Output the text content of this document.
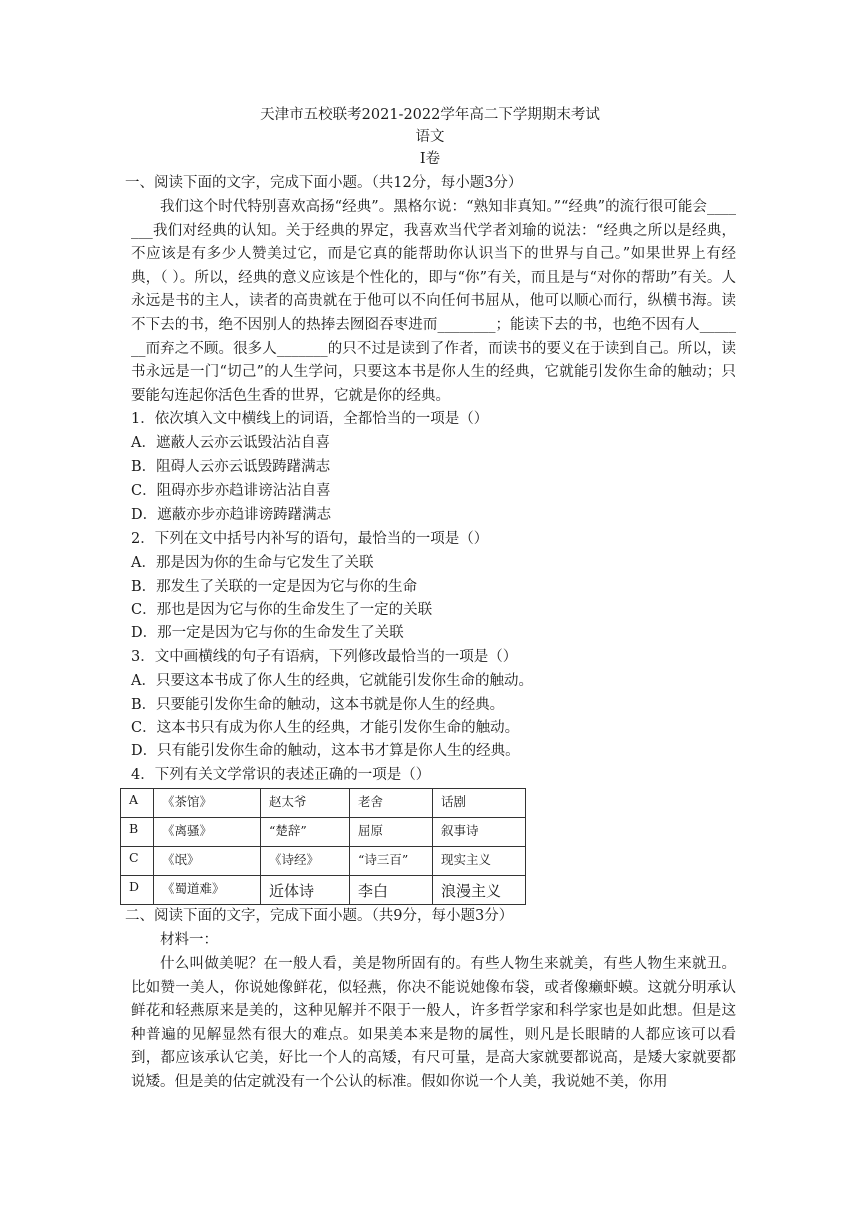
天津市五校联考2021-2022学年高二下学期期末考试
语文
Ⅰ卷
一、阅读下面的文字，完成下面小题。（共12分，每小题3分）
我们这个时代特别喜欢高扬“经典”。黑格尔说：“熟知非真知。”“经典”的流行很可能会_______我们对经典的认知。关于经典的界定，我喜欢当代学者刘瑜的说法：“经典之所以是经典，不应该是有多少人赞美过它，而是它真的能帮助你认识当下的世界与自己。”如果世界上有经典，（ ）。所以，经典的意义应该是个性化的，即与“你”有关，而且是与“对你的帮助”有关。人永远是书的主人，读者的高贵就在于他可以不向任何书屈从，他可以顺心而行，纵横书海。读不下去的书，绝不因别人的热捧去囫囵吞枣进而________；能读下去的书，也绝不因有人_______而弃之不顾。很多人_______的只不过是读到了作者，而读书的要义在于读到自己。所以，读书永远是一门“切己”的人生学问，只要这本书是你人生的经典，它就能引发你生命的触动；只要能勾连起你活色生香的世界，它就是你的经典。
1．依次填入文中横线上的词语，全都恰当的一项是（）
A．遮蔽人云亦云诋毁沾沾自喜
B．阻碍人云亦云诋毁踌躇满志
C．阻碍亦步亦趋诽谤沾沾自喜
D．遮蔽亦步亦趋诽谤踌躇满志
2．下列在文中括号内补写的语句，最恰当的一项是（）
A．那是因为你的生命与它发生了关联
B．那发生了关联的一定是因为它与你的生命
C．那也是因为它与你的生命发生了一定的关联
D．那一定是因为它与你的生命发生了关联
3．文中画横线的句子有语病，下列修改最恰当的一项是（）
A．只要这本书成了你人生的经典，它就能引发你生命的触动。
B．只要能引发你生命的触动，这本书就是你人生的经典。
C．这本书只有成为你人生的经典，才能引发你生命的触动。
D．只有能引发你生命的触动，这本书才算是你人生的经典。
4．下列有关文学常识的表述正确的一项是（）
A	《茶馆》	赵太爷	老舍	话剧
B	《离骚》	“楚辞”	屈原	叙事诗
C	《氓》	《诗经》	“诗三百”	现实主义
D	《蜀道难》	近体诗	李白	浪漫主义
二、阅读下面的文字，完成下面小题。（共9分，每小题3分）
材料一：
什么叫做美呢？在一般人看，美是物所固有的。有些人物生来就美，有些人物生来就丑。比如赞一美人，你说她像鲜花，似轻燕，你决不能说她像布袋，或者像癞虾蟆。这就分明承认鲜花和轻燕原来是美的，这种见解并不限于一般人，许多哲学家和科学家也是如此想。但是这种普遍的见解显然有很大的难点。如果美本来是物的属性，则凡是长眼睛的人都应该可以看到，都应该承认它美，好比一个人的高矮，有尺可量，是高大家就要都说高，是矮大家就要都说矮。但是美的估定就没有一个公认的标准。假如你说一个人美，我说她不美，你用
